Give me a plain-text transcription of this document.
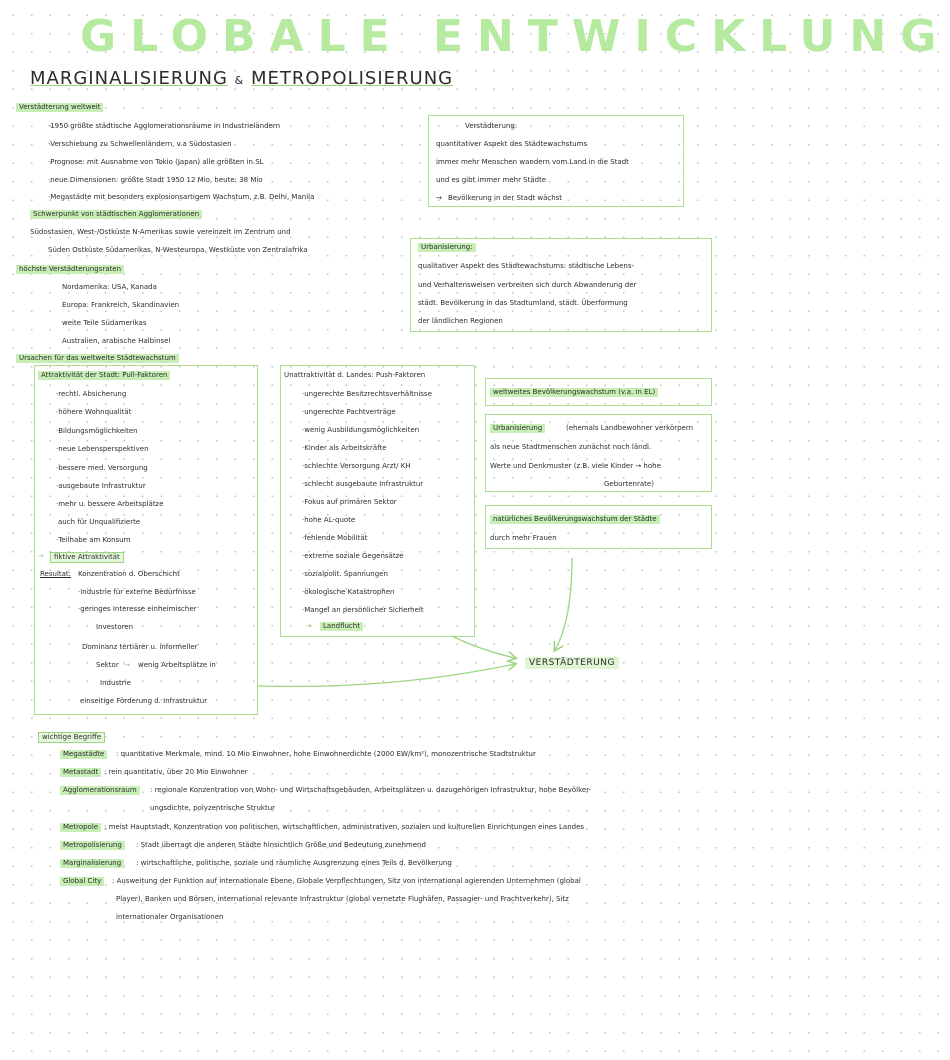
GLOBALE ENTWICKLUNG
MARGINALISIERUNG & METROPOLISIERUNG
Verstädterung weltweit
·1950 größte städtische Agglomerationsräume in Industrieländern
·Verschiebung zu Schwellenländern, v.a Südostasien
·Prognose: mit Ausnahme von Tokio (Japan) alle größten in SL
·neue Dimensionen: größte Stadt 1950 12 Mio, heute: 38 Mio
·Megastädte mit besonders explosionsartigem Wachstum, z.B. Delhi, Manila
Schwerpunkt von städtischen Agglomerationen
Südostasien, West-/Ostküste N-Amerikas sowie vereinzelt im Zentrum und
Süden Ostküste Südamerikas, N-Westeuropa, Westküste von Zentralafrika
höchste Verstädterungsraten
Nordamerika: USA, Kanada
Europa: Frankreich, Skandinavien
weite Teile Südamerikas
Australien, arabische Halbinsel
Ursachen für das weltweite Städtewachstum
Verstädterung:
quantitativer Aspekt des Städtewachstums
immer mehr Menschen wandern vom Land in die Stadt
und es gibt immer mehr Städte
→ Bevölkerung in der Stadt wächst
Urbanisierung:
qualitativer Aspekt des Städtewachstums: städtische Lebens-
und Verhaltensweisen verbreiten sich durch Abwanderung der
städt. Bevölkerung in das Stadtumland, städt. Überformung
der ländlichen Regionen
Attraktivität der Stadt: Pull-Faktoren
·rechtl. Absicherung
·höhere Wohnqualität
·Bildungsmöglichkeiten
·neue Lebensperspektiven
·bessere med. Versorgung
·ausgebaute Infrastruktur
·mehr u. bessere Arbeitsplätze
auch für Unqualifizierte
·Teilhabe am Konsum
→	fiktive Attraktivität
Resultat: Konzentration d. Oberschicht
·Industrie für externe Bedürfnisse
·geringes Interesse einheimischer
Investoren
Dominanz tertiärer u. informeller
Sektor → wenig Arbeitsplätze in
Industrie
einseitige Förderung d. Infrastruktur
Unattraktivität d. Landes: Push-Faktoren
·ungerechte Besitzrechtsverhältnisse
·ungerechte Pachtverträge
·wenig Ausbildungsmöglichkeiten
·Kinder als Arbeitskräfte
·schlechte Versorgung Arzt/ KH
·schlecht ausgebaute Infrastruktur
·Fokus auf primären Sektor
·hohe AL-quote
·fehlende Mobilität
·extreme soziale Gegensätze
·sozialpolit. Spannungen
·ökologische Katastrophen
·Mangel an persönlicher Sicherheit
→	Landflucht
weltweites Bevölkerungswachstum (v.a. in EL)
Urbanisierung	(ehemals Landbewohner verkörpern
als neue Stadtmenschen zunächst noch ländl.
Werte und Denkmuster (z.B. viele Kinder → hohe
Geburtenrate)
natürliches Bevölkerungswachstum der Städte
durch mehr Frauen
VERSTÄDTERUNG
wichtige Begriffe
Megastädte	: quantitative Merkmale, mind. 10 Mio Einwohner, hohe Einwohnerdichte (2000 EW/km²), monozentrische Stadtstruktur
Metastadt : rein quantitativ, über 20 Mio Einwohner
Agglomerationsraum	: regionale Konzentration von Wohn- und Wirtschaftsgebäuden, Arbeitsplätzen u. dazugehörigen Infrastruktur, hohe Bevölker-
ungsdichte, polyzentrische Struktur
Metropole : meist Hauptstadt, Konzentration von politischen, wirtschaftlichen, administrativen, sozialen und kulturellen Einrichtungen eines Landes
Metropolisierung	: Stadt überragt die anderen Städte hinsichtlich Größe und Bedeutung zunehmend
Marginalisierung	: wirtschaftliche, politische, soziale und räumliche Ausgrenzung eines Teils d. Bevölkerung
Global City	: Ausweitung der Funktion auf internationale Ebene, Globale Verpflechtungen, Sitz von international agierenden Unternehmen (global
Player), Banken und Börsen, international relevante Infrastruktur (global vernetzte Flughäfen, Passagier- und Frachtverkehr), Sitz
internationaler Organisationen
